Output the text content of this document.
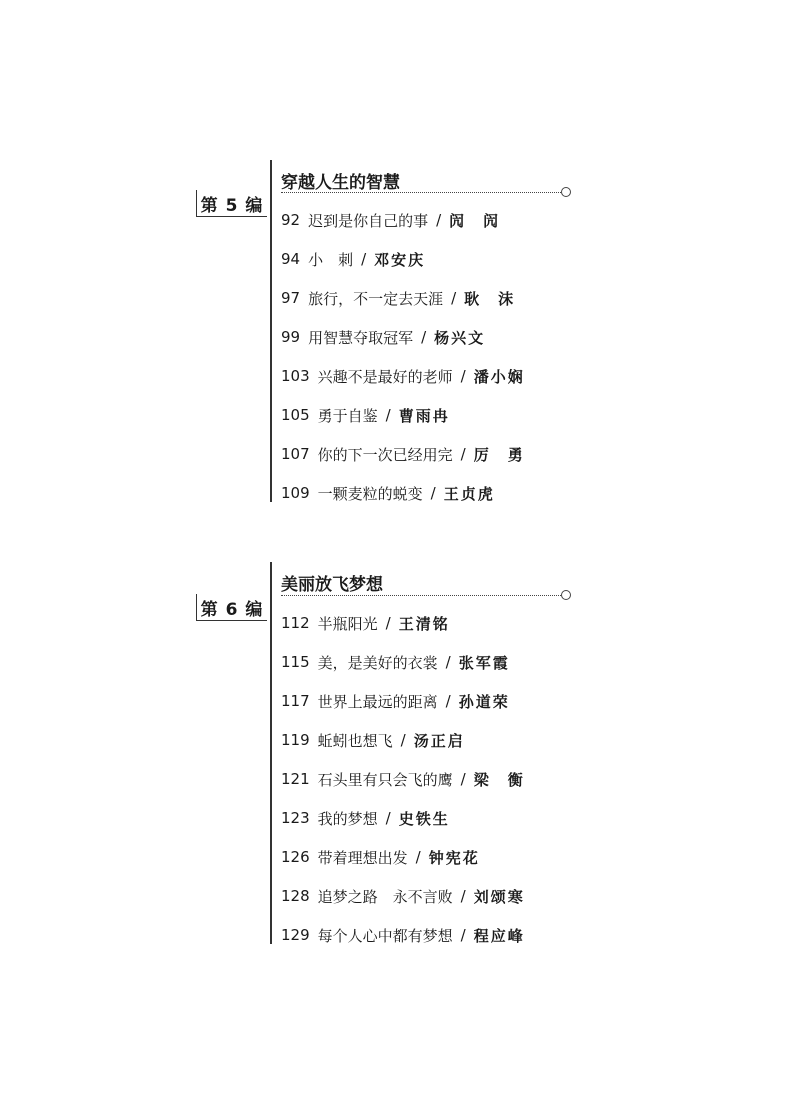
穿越人生的智慧
第 5 编
92 迟到是你自己的事 / 闶　闶
94 小　刺 / 邓安庆
97 旅行，不一定去天涯 / 耿　沫
99 用智慧夺取冠军 / 杨兴文
103 兴趣不是最好的老师 / 潘小娴
105 勇于自鉴 / 曹雨冉
107 你的下一次已经用完 / 厉　勇
109 一颗麦粒的蜕变 / 王贞虎
美丽放飞梦想
第 6 编
112 半瓶阳光 / 王清铭
115 美，是美好的衣裳 / 张军霞
117 世界上最远的距离 / 孙道荣
119 蚯蚓也想飞 / 汤正启
121 石头里有只会飞的鹰 / 梁　衡
123 我的梦想 / 史铁生
126 带着理想出发 / 钟宪花
128 追梦之路　永不言败 / 刘颂寒
129 每个人心中都有梦想 / 程应峰
